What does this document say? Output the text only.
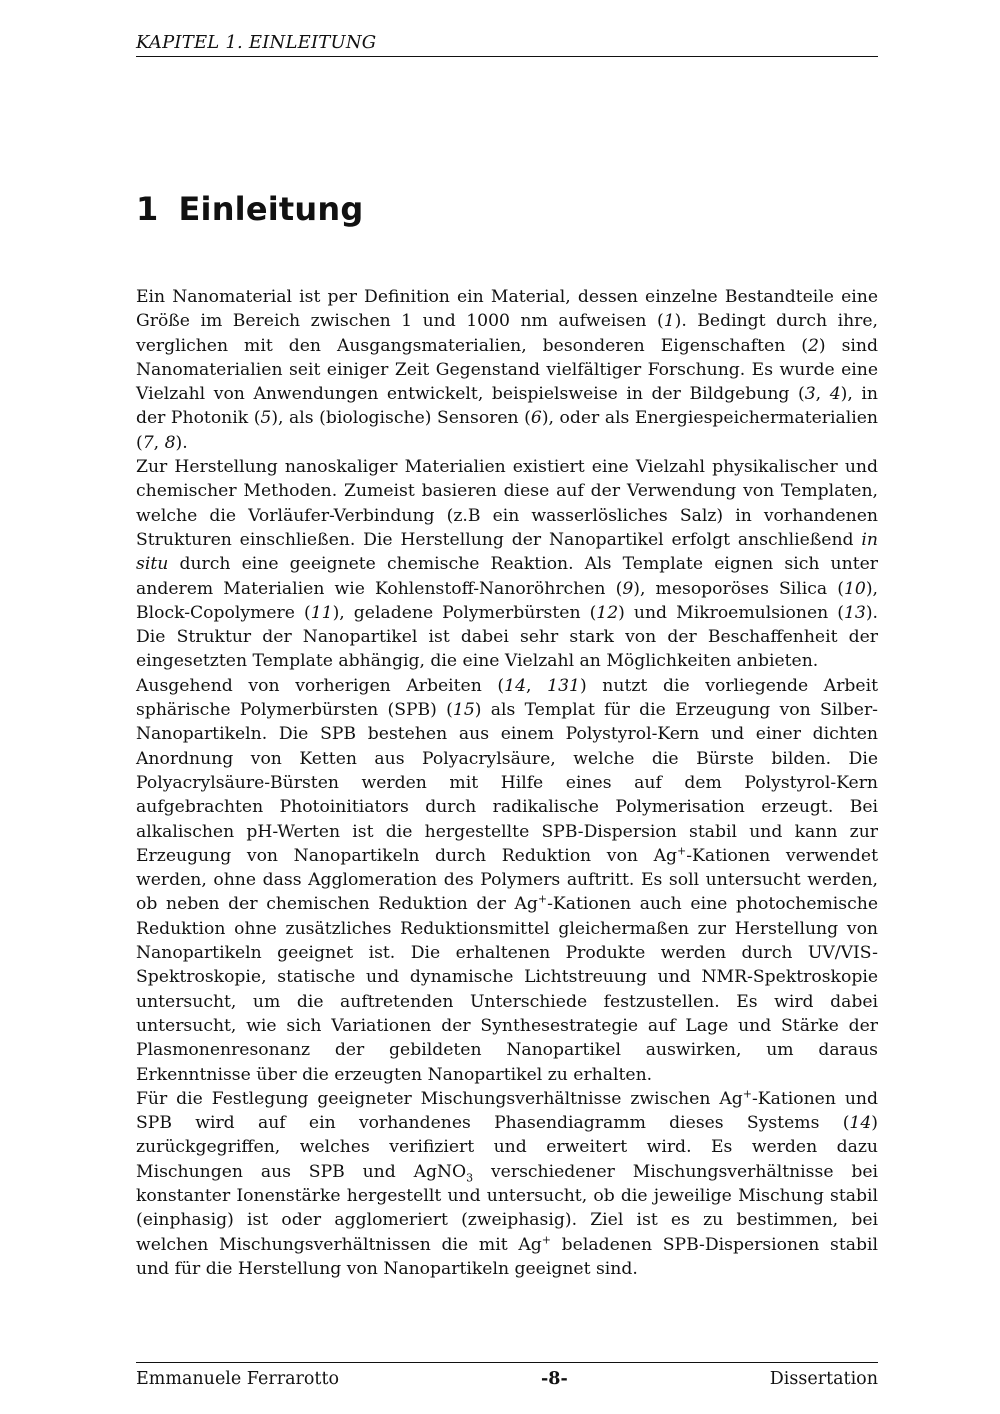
KAPITEL 1. EINLEITUNG
1 Einleitung

Ein Nanomaterial ist per Definition ein Material, dessen einzelne Bestandteile eine Größe im Bereich zwischen 1 und 1000 nm aufweisen (1). Bedingt durch ihre, verglichen mit den Ausgangsmaterialien, besonderen Eigenschaften (2) sind Nanomaterialien seit einiger Zeit Gegenstand vielfältiger Forschung. Es wurde eine Vielzahl von Anwendungen entwickelt, beispielsweise in der Bildgebung (3, 4), in der Photonik (5), als (biologische) Sensoren (6), oder als Energiespeichermaterialien (7, 8).

Zur Herstellung nanoskaliger Materialien existiert eine Vielzahl physikalischer und chemischer Methoden. Zumeist basieren diese auf der Verwendung von Templaten, welche die Vorläufer-Verbindung (z.B ein wasserlösliches Salz) in vorhandenen Strukturen einschließen. Die Herstellung der Nanopartikel erfolgt anschließend in situ durch eine geeignete chemische Reaktion. Als Template eignen sich unter anderem Materialien wie Kohlenstoff-Nanoröhrchen (9), mesoporöses Silica (10), Block-Copolymere (11), geladene Polymerbürsten (12) und Mikroemulsionen (13). Die Struktur der Nanopartikel ist dabei sehr stark von der Beschaffenheit der eingesetzten Template abhängig, die eine Vielzahl an Möglichkeiten anbieten.

Ausgehend von vorherigen Arbeiten (14, 131) nutzt die vorliegende Arbeit sphärische Polymerbürsten (SPB) (15) als Templat für die Erzeugung von Silber-Nanopartikeln. Die SPB bestehen aus einem Polystyrol-Kern und einer dichten Anordnung von Ketten aus Polyacrylsäure, welche die Bürste bilden. Die Polyacrylsäure-Bürsten werden mit Hilfe eines auf dem Polystyrol-Kern aufgebrachten Photoinitiators durch radikalische Polymerisation erzeugt. Bei alkalischen pH-Werten ist die hergestellte SPB-Dispersion stabil und kann zur Erzeugung von Nanopartikeln durch Reduktion von Ag+-Kationen verwendet werden, ohne dass Agglomeration des Polymers auftritt. Es soll untersucht werden, ob neben der chemischen Reduktion der Ag+-Kationen auch eine photochemische Reduktion ohne zusätzliches Reduktionsmittel gleichermaßen zur Herstellung von Nanopartikeln geeignet ist. Die erhaltenen Produkte werden durch UV/VIS-Spektroskopie, statische und dynamische Lichtstreuung und NMR-Spektroskopie untersucht, um die auftretenden Unterschiede festzustellen. Es wird dabei untersucht, wie sich Variationen der Synthesestrategie auf Lage und Stärke der Plasmonenresonanz der gebildeten Nanopartikel auswirken, um daraus Erkenntnisse über die erzeugten Nanopartikel zu erhalten.

Für die Festlegung geeigneter Mischungsverhältnisse zwischen Ag+-Kationen und SPB wird auf ein vorhandenes Phasendiagramm dieses Systems (14) zurückgegriffen, welches verifiziert und erweitert wird. Es werden dazu Mischungen aus SPB und AgNO$_3$ verschiedener Mischungsverhältnisse bei konstanter Ionenstärke hergestellt und untersucht, ob die jeweilige Mischung stabil (einphasig) ist oder agglomeriert (zweiphasig). Ziel ist es zu bestimmen, bei welchen Mischungsverhältnissen die mit Ag+ beladenen SPB-Dispersionen stabil und für die Herstellung von Nanopartikeln geeignet sind.

Emmanuele Ferrarotto	-8-	Dissertation
